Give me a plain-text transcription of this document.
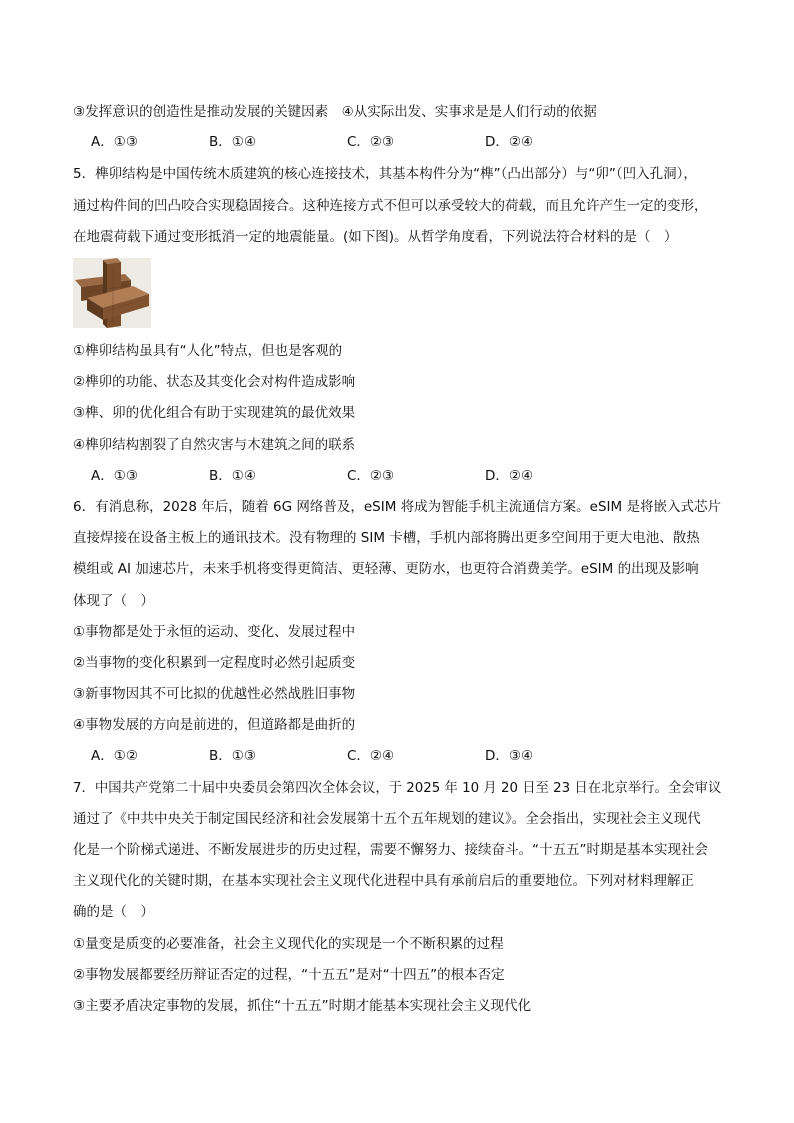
③发挥意识的创造性是推动发展的关键因素　④从实际出发、实事求是是人们行动的依据
A．①③	B．①④	C．②③	D．②④
5．榫卯结构是中国传统木质建筑的核心连接技术，其基本构件分为“榫”（凸出部分）与“卯”（凹入孔洞），
通过构件间的凹凸咬合实现稳固接合。这种连接方式不但可以承受较大的荷载，而且允许产生一定的变形，
在地震荷载下通过变形抵消一定的地震能量。(如下图)。从哲学角度看，下列说法符合材料的是（　）
①榫卯结构虽具有“人化”特点，但也是客观的
②榫卯的功能、状态及其变化会对构件造成影响
③榫、卯的优化组合有助于实现建筑的最优效果
④榫卯结构割裂了自然灾害与木建筑之间的联系
A．①③	B．①④	C．②③	D．②④
6．有消息称，2028 年后，随着 6G 网络普及，eSIM 将成为智能手机主流通信方案。eSIM 是将嵌入式芯片
直接焊接在设备主板上的通讯技术。没有物理的 SIM 卡槽，手机内部将腾出更多空间用于更大电池、散热
模组或 AI 加速芯片，未来手机将变得更简洁、更轻薄、更防水，也更符合消费美学。eSIM 的出现及影响
体现了（　）
①事物都是处于永恒的运动、变化、发展过程中
②当事物的变化积累到一定程度时必然引起质变
③新事物因其不可比拟的优越性必然战胜旧事物
④事物发展的方向是前进的，但道路都是曲折的
A．①②	B．①③	C．②④	D．③④
7．中国共产党第二十届中央委员会第四次全体会议，于 2025 年 10 月 20 日至 23 日在北京举行。全会审议
通过了《中共中央关于制定国民经济和社会发展第十五个五年规划的建议》。全会指出，实现社会主义现代
化是一个阶梯式递进、不断发展进步的历史过程，需要不懈努力、接续奋斗。“十五五”时期是基本实现社会
主义现代化的关键时期，在基本实现社会主义现代化进程中具有承前启后的重要地位。下列对材料理解正
确的是（　）
①量变是质变的必要准备，社会主义现代化的实现是一个不断积累的过程
②事物发展都要经历辩证否定的过程，“十五五”是对“十四五”的根本否定
③主要矛盾决定事物的发展，抓住“十五五”时期才能基本实现社会主义现代化
